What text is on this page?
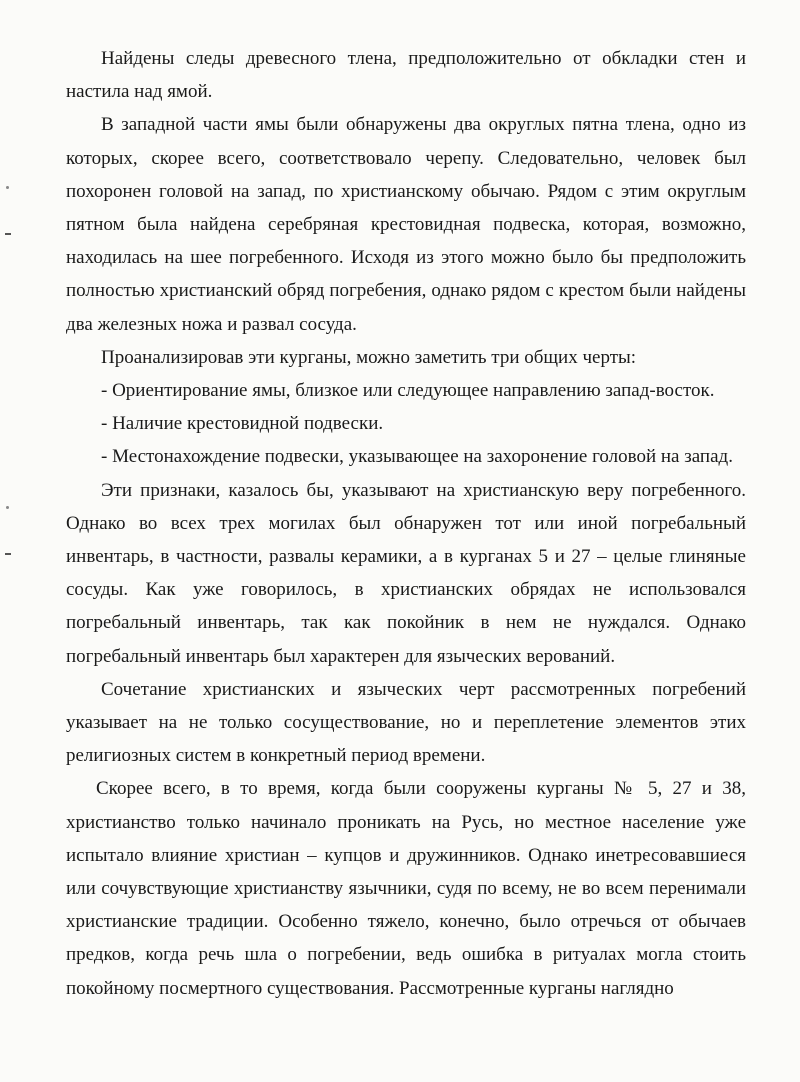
Найдены следы древесного тлена, предположительно от обкладки стен и настила над ямой.

В западной части ямы были обнаружены два округлых пятна тлена, одно из которых, скорее всего, соответствовало черепу. Следовательно, человек был похоронен головой на запад, по христианскому обычаю. Рядом с этим округлым пятном была найдена серебряная крестовидная подвеска, которая, возможно, находилась на шее погребенного. Исходя из этого можно было бы предположить полностью христианский обряд погребения, однако рядом с крестом были найдены два железных ножа и развал сосуда.

Проанализировав эти курганы, можно заметить три общих черты:

- Ориентирование ямы, близкое или следующее направлению запад-восток.

- Наличие крестовидной подвески.

- Местонахождение подвески, указывающее на захоронение головой на запад.

Эти признаки, казалось бы, указывают на христианскую веру погребенного. Однако во всех трех могилах был обнаружен тот или иной погребальный инвентарь, в частности, развалы керамики, а в курганах 5 и 27 – целые глиняные сосуды. Как уже говорилось, в христианских обрядах не использовался погребальный инвентарь, так как покойник в нем не нуждался. Однако погребальный инвентарь был характерен для языческих верований.

Сочетание христианских и языческих черт рассмотренных погребений указывает на не только сосуществование, но и переплетение элементов этих религиозных систем в конкретный период времени.

Скорее всего, в то время, когда были сооружены курганы № 5, 27 и 38, христианство только начинало проникать на Русь, но местное население уже испытало влияние христиан – купцов и дружинников. Однако инетресовавшиеся или сочувствующие христианству язычники, судя по всему, не во всем перенимали христианские традиции. Особенно тяжело, конечно, было отречься от обычаев предков, когда речь шла о погребении, ведь ошибка в ритуалах могла стоить покойному посмертного существования. Рассмотренные курганы наглядно
